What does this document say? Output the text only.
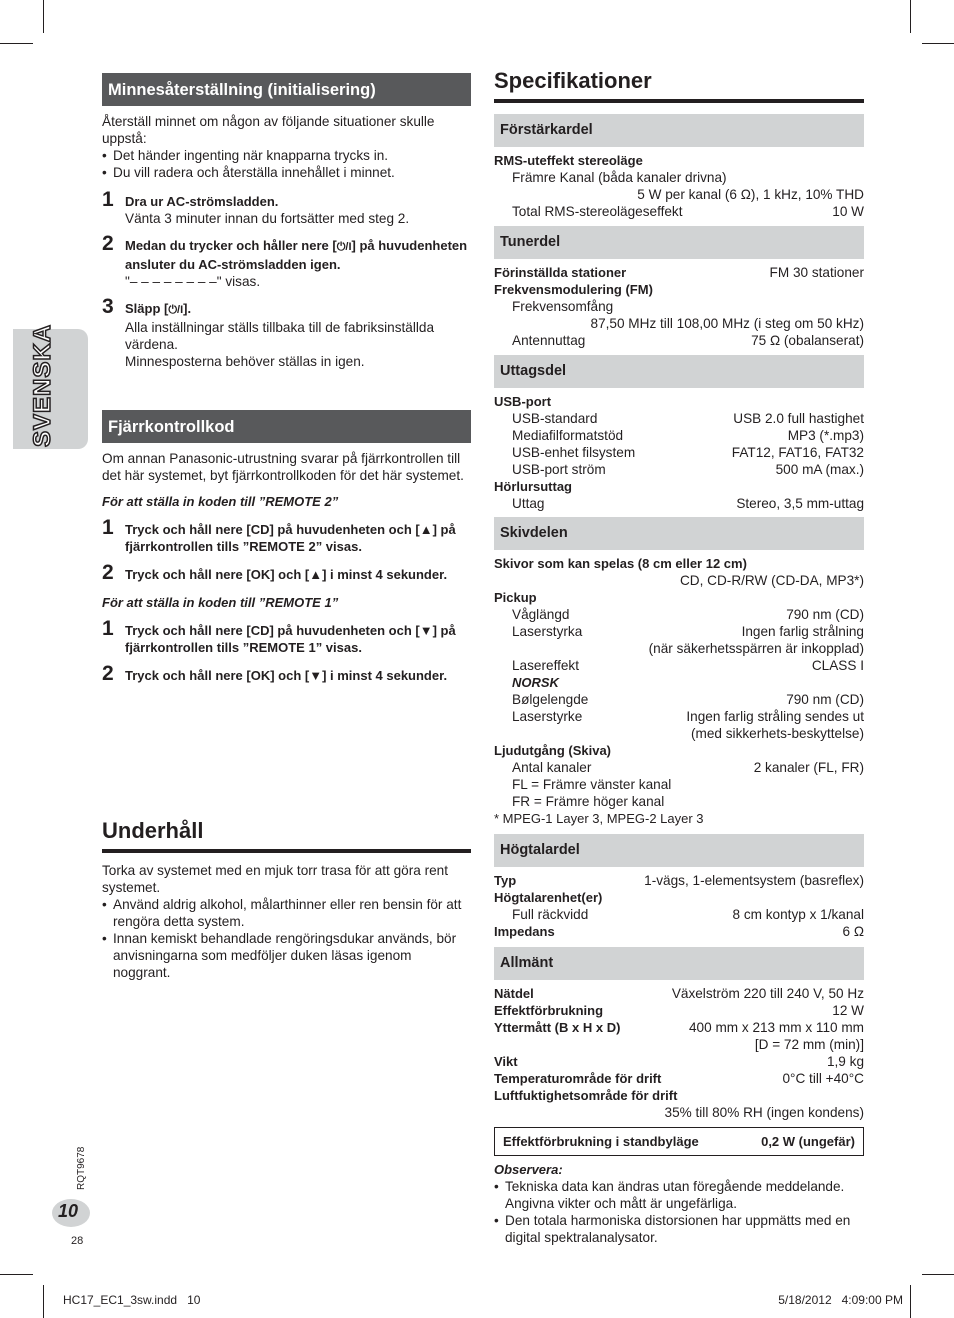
SVENSKA
Minnesåterställning (initialisering)

Återställ minnet om någon av följande situationer skulle uppstå:

• Det händer ingenting när knapparna trycks in.
• Du vill radera och återställa innehållet i minnet.
1 Dra ur AC-strömsladden.

Vänta 3 minuter innan du fortsätter med steg 2.

2 Medan du trycker och håller nere [⏻/I] på huvudenheten ansluter du AC-strömsladden igen.

"– – – – – – – –" visas.

3 Släpp [⏻/I].

Alla inställningar ställs tillbaka till de fabriksinställda värdena.

Minnesposterna behöver ställas in igen.

Fjärrkontrollkod

Om annan Panasonic-utrustning svarar på fjärrkontrollen till det här systemet, byt fjärrkontrollkoden för det här systemet.

För att ställa in koden till ”REMOTE 2”

1 Tryck och håll nere [CD] på huvudenheten och [▲] på fjärrkontrollen tills ”REMOTE 2” visas.

2 Tryck och håll nere [OK] och [▲] i minst 4 sekunder.

För att ställa in koden till ”REMOTE 1”

1 Tryck och håll nere [CD] på huvudenheten och [▼] på fjärrkontrollen tills ”REMOTE 1” visas.

2 Tryck och håll nere [OK] och [▼] i minst 4 sekunder.

Underhåll

Torka av systemet med en mjuk torr trasa för att göra rent systemet.

• Använd aldrig alkohol, målarthinner eller ren bensin för att rengöra detta system.
• Innan kemiskt behandlade rengöringsdukar används, bör anvisningarna som medföljer duken läsas igenom noggrant.
Specifikationer
Förstärkardel
RMS-uteffekt stereoläge
Främre Kanal (båda kanaler drivna)
5 W per kanal (6 Ω), 1 kHz, 10% THD
Total RMS-stereolägeseffekt	10 W
Tunerdel
Förinställda stationer	FM 30 stationer
Frekvensmodulering (FM)
Frekvensomfång
87,50 MHz till 108,00 MHz (i steg om 50 kHz)
Antennuttag	75 Ω (obalanserat)
Uttagsdel
USB-port
USB-standard	USB 2.0 full hastighet
Mediafilformatstöd	MP3 (*.mp3)
USB-enhet filsystem	FAT12, FAT16, FAT32
USB-port ström	500 mA (max.)
Hörlursuttag
Uttag	Stereo, 3,5 mm-uttag
Skivdelen
Skivor som kan spelas (8 cm eller 12 cm)
CD, CD-R/RW (CD-DA, MP3*)
Pickup
Våglängd	790 nm (CD)
Laserstyrka	Ingen farlig strålning
(när säkerhetsspärren är inkopplad)
Lasereffekt	CLASS I
NORSK
Bølgelengde	790 nm (CD)
Laserstyrke	Ingen farlig stråling sendes ut
(med sikkerhets-beskyttelse)
Ljudutgång (Skiva)
Antal kanaler	2 kanaler (FL, FR)
FL = Främre vänster kanal
FR = Främre höger kanal
* MPEG-1 Layer 3, MPEG-2 Layer 3
Högtalardel
Typ	1-vägs, 1-elementsystem (basreflex)
Högtalarenhet(er)
Full räckvidd	8 cm kontyp x 1/kanal
Impedans	6 Ω
Allmänt
Nätdel	Växelström 220 till 240 V, 50 Hz
Effektförbrukning	12 W
Yttermått (B x H x D)	400 mm x 213 mm x 110 mm
[D = 72 mm (min)]
Vikt	1,9 kg
Temperaturområde för drift	0°C till +40°C
Luftfuktighetsområde för drift
35% till 80% RH (ingen kondens)
Effektförbrukning i standbyläge	0,2 W (ungefär)
Observera:
• Tekniska data kan ändras utan föregående meddelande. Angivna vikter och mått är ungefärliga.
• Den totala harmoniska distorsionen har uppmätts med en digital spektralanalysator.
RQT9678
10
28
HC17_EC1_3sw.indd   10	5/18/2012   4:09:00 PM
